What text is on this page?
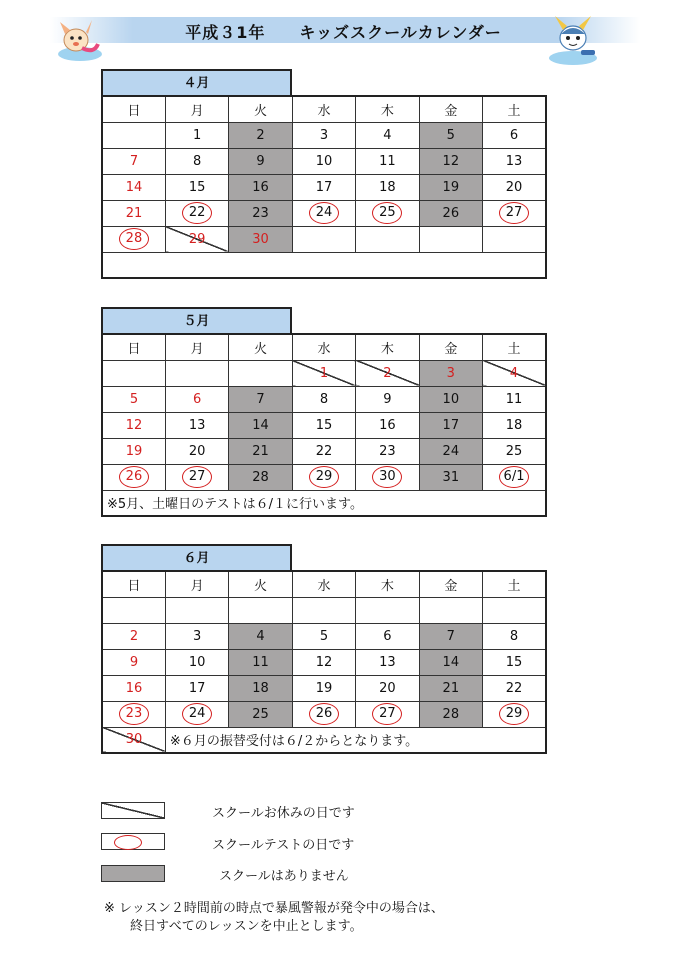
平成３1年　　キッズスクールカレンダー
４月
日	月	火	水	木	金	土
	1	2	3	4	5	6
7	8	9	10	11	12	13
14	15	16	17	18	19	20
21	22	23	24	25	26	27
28	29	30				

５月
日	月	火	水	木	金	土
			1	2	3	4
5	6	7	8	9	10	11
12	13	14	15	16	17	18
19	20	21	22	23	24	25
26	27	28	29	30	31	6/1
※5月、土曜日のテストは６/１に行います。						
６月
日	月	火	水	木	金	土

2	3	4	5	6	7	8
9	10	11	12	13	14	15
16	17	18	19	20	21	22
23	24	25	26	27	28	29
30	※６月の振替受付は６/２からとなります。					
スクールお休みの日です
スクールテストの日です
スクールはありません
※ レッスン２時間前の時点で暴風警報が発令中の場合は、
　　終日すべてのレッスンを中止とします。
